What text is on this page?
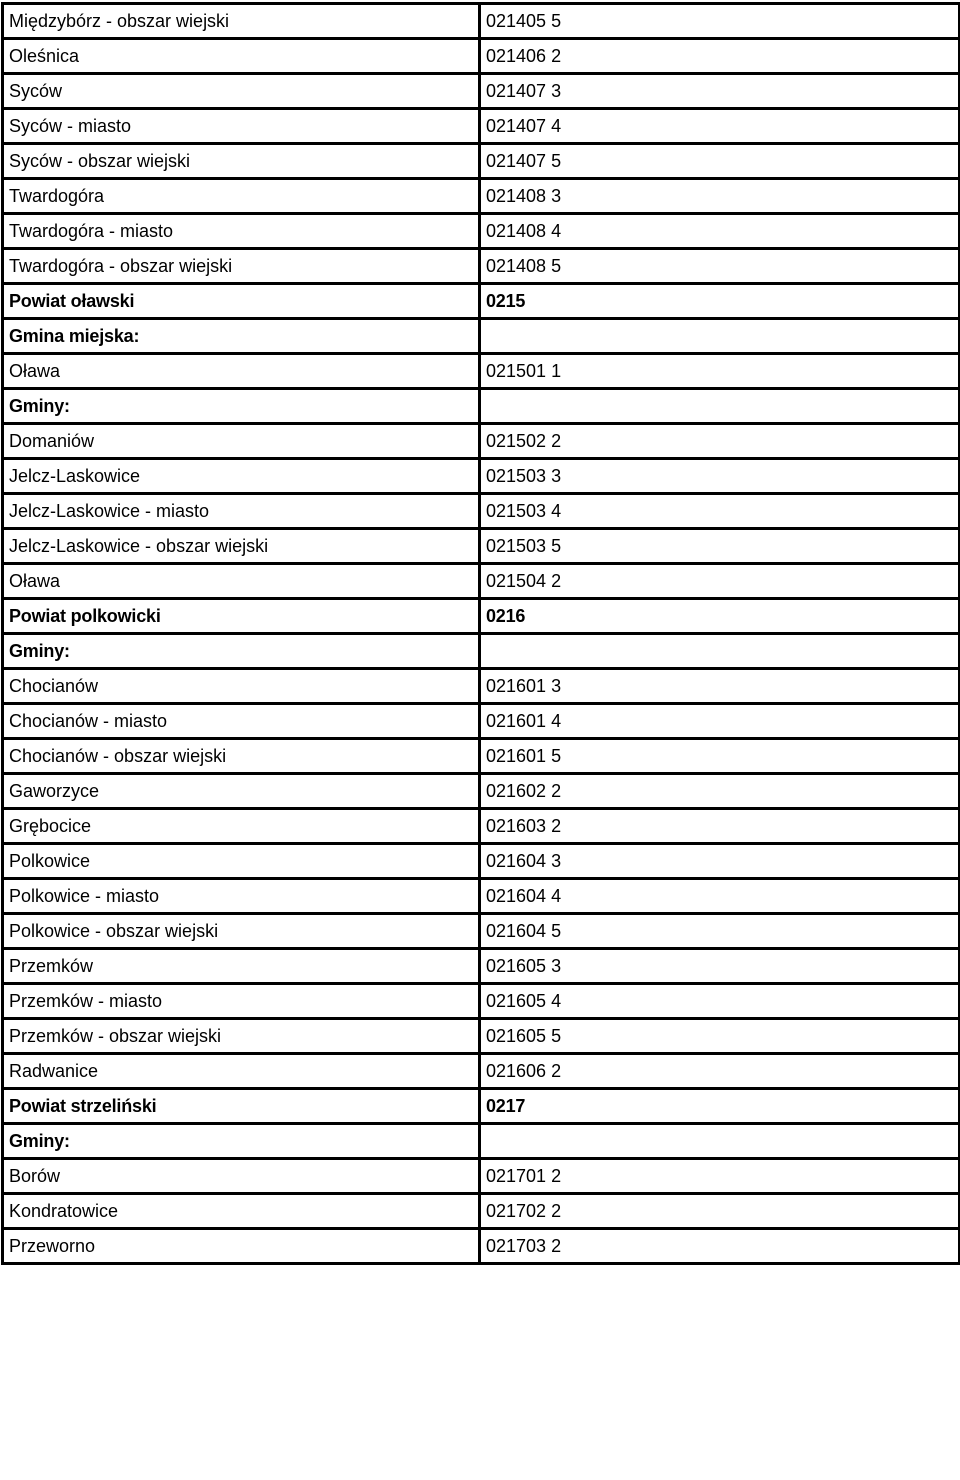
Międzybórz - obszar wiejski	021405 5
Oleśnica	021406 2
Syców	021407 3
Syców - miasto	021407 4
Syców - obszar wiejski	021407 5
Twardogóra	021408 3
Twardogóra - miasto	021408 4
Twardogóra - obszar wiejski	021408 5
Powiat oławski	0215
Gmina miejska:	
Oława	021501 1
Gminy:	
Domaniów	021502 2
Jelcz-Laskowice	021503 3
Jelcz-Laskowice - miasto	021503 4
Jelcz-Laskowice - obszar wiejski	021503 5
Oława	021504 2
Powiat polkowicki	0216
Gminy:	
Chocianów	021601 3
Chocianów - miasto	021601 4
Chocianów - obszar wiejski	021601 5
Gaworzyce	021602 2
Grębocice	021603 2
Polkowice	021604 3
Polkowice - miasto	021604 4
Polkowice - obszar wiejski	021604 5
Przemków	021605 3
Przemków - miasto	021605 4
Przemków - obszar wiejski	021605 5
Radwanice	021606 2
Powiat strzeliński	0217
Gminy:	
Borów	021701 2
Kondratowice	021702 2
Przeworno	021703 2
